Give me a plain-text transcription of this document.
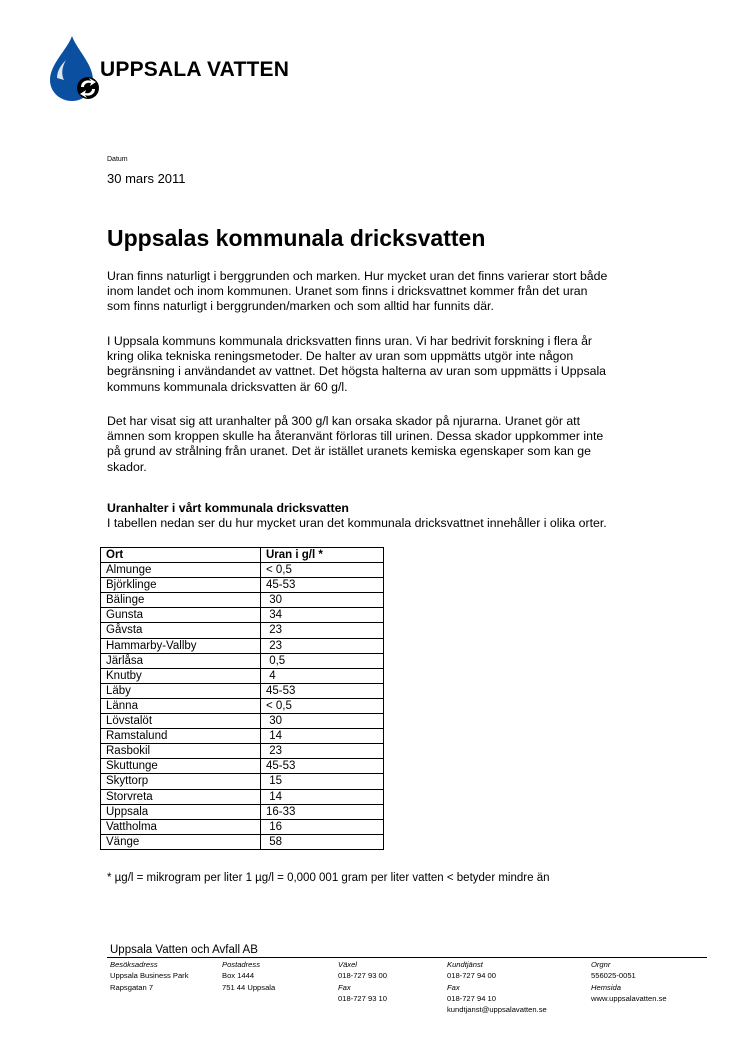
UPPSALA VATTEN
Datum
30 mars 2011
Uppsalas kommunala dricksvatten

Uran finns naturligt i berggrunden och marken. Hur mycket uran det finns varierar stort både
inom landet och inom kommunen. Uranet som finns i dricksvattnet kommer från det uran
som finns naturligt i berggrunden/marken och som alltid har funnits där.

I Uppsala kommuns kommunala dricksvatten finns uran. Vi har bedrivit forskning i flera år
kring olika tekniska reningsmetoder. De halter av uran som uppmätts utgör inte någon
begränsning i användandet av vattnet. Det högsta halterna av uran som uppmätts i Uppsala
kommuns kommunala dricksvatten är 60 g/l.

Det har visat sig att uranhalter på 300 g/l kan orsaka skador på njurarna. Uranet gör att
ämnen som kroppen skulle ha återanvänt förloras till urinen. Dessa skador uppkommer inte
på grund av strålning från uranet. Det är istället uranets kemiska egenskaper som kan ge
skador.

Uranhalter i vårt kommunala dricksvatten
I tabellen nedan ser du hur mycket uran det kommunala dricksvattnet innehåller i olika orter.
Ort	Uran i g/l *
Almunge	< 0,5
Björklinge	45-53
Bälinge	30
Gunsta	34
Gåvsta	23
Hammarby-Vallby	23
Järlåsa	0,5
Knutby	4
Läby	45-53
Länna	< 0,5
Lövstalöt	30
Ramstalund	14
Rasbokil	23
Skuttunge	45-53
Skyttorp	15
Storvreta	14
Uppsala	16-33
Vattholma	16
Vänge	58
* µg/l = mikrogram per liter 1 µg/l = 0,000 001 gram per liter vatten < betyder mindre än
Uppsala Vatten och Avfall AB
Besöksadress
Uppsala Business Park
Rapsgatan 7
Postadress
Box 1444
751 44 Uppsala
Växel
018-727 93 00
Fax
018-727 93 10
Kundtjänst
018-727 94 00
Fax
018-727 94 10
kundtjanst@uppsalavatten.se
Orgnr
556025-0051
Hemsida
www.uppsalavatten.se
